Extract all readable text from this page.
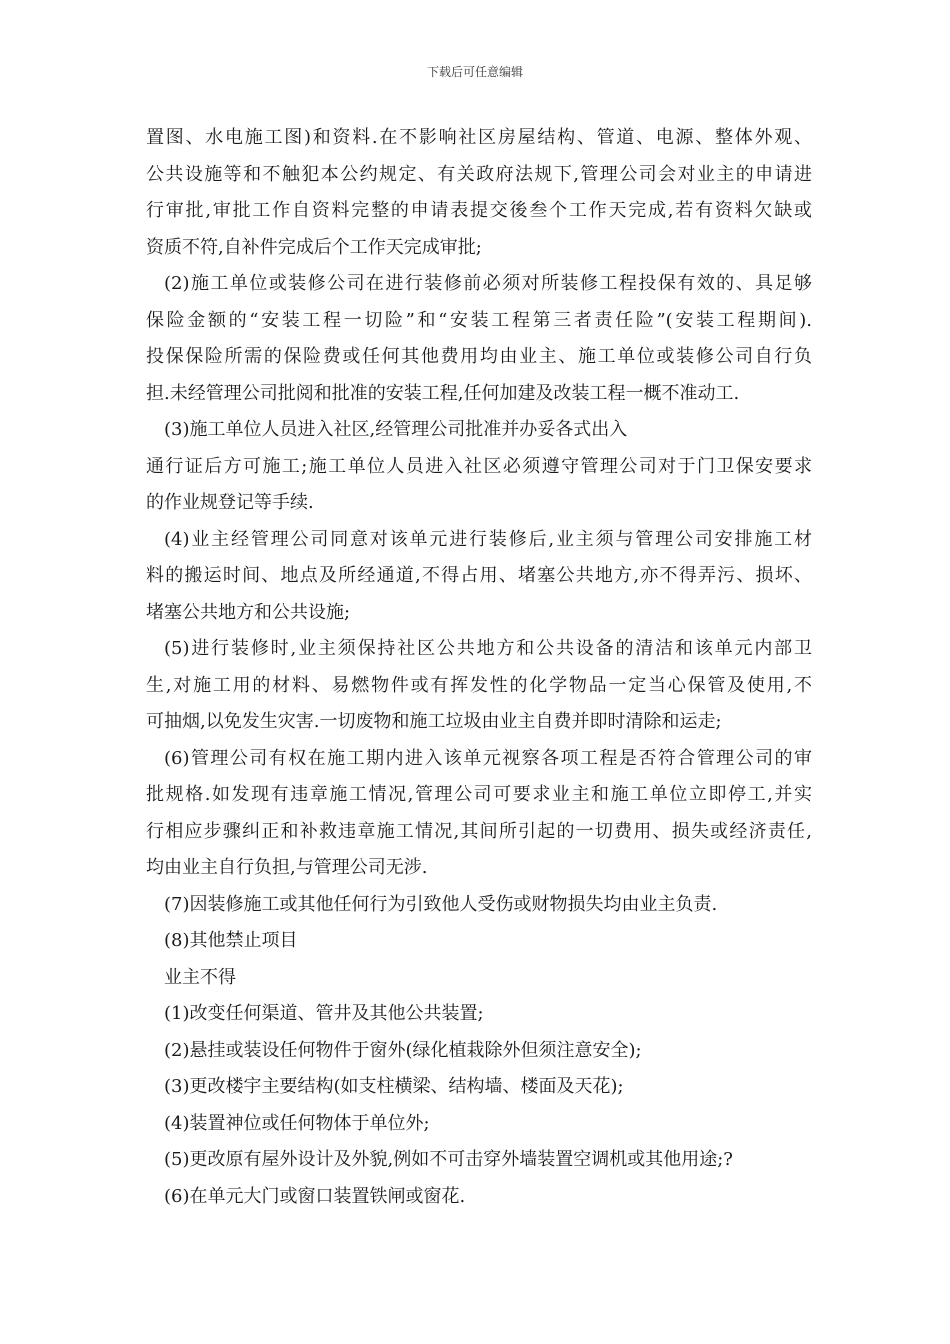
下载后可任意编辑
置图、水电施工图)和资料.在不影响社区房屋结构、管道、电源、整体外观、
公共设施等和不触犯本公约规定、有关政府法规下,管理公司会对业主的申请进
行审批,审批工作自资料完整的申请表提交後叁个工作天完成,若有资料欠缺或
资质不符,自补件完成后个工作天完成审批;
(2)施工单位或装修公司在进行装修前必须对所装修工程投保有效的、具足够
保险金额的“安装工程一切险”和“安装工程第三者责任险”(安装工程期间).
投保保险所需的保险费或任何其他费用均由业主、施工单位或装修公司自行负
担.未经管理公司批阅和批准的安装工程,任何加建及改装工程一概不准动工.
(3)施工单位人员进入社区,经管理公司批准并办妥各式出入
通行证后方可施工;施工单位人员进入社区必须遵守管理公司对于门卫保安要求
的作业规登记等手续.
(4)业主经管理公司同意对该单元进行装修后,业主须与管理公司安排施工材
料的搬运时间、地点及所经通道,不得占用、堵塞公共地方,亦不得弄污、损坏、
堵塞公共地方和公共设施;
(5)进行装修时,业主须保持社区公共地方和公共设备的清洁和该单元内部卫
生,对施工用的材料、易燃物件或有挥发性的化学物品一定当心保管及使用,不
可抽烟,以免发生灾害.一切废物和施工垃圾由业主自费并即时清除和运走;
(6)管理公司有权在施工期内进入该单元视察各项工程是否符合管理公司的审
批规格.如发现有违章施工情况,管理公司可要求业主和施工单位立即停工,并实
行相应步骤纠正和补救违章施工情况,其间所引起的一切费用、损失或经济责任,
均由业主自行负担,与管理公司无涉.
(7)因装修施工或其他任何行为引致他人受伤或财物损失均由业主负责.
(8)其他禁止项目
业主不得
(1)改变任何渠道、管井及其他公共装置;
(2)悬挂或装设任何物件于窗外(绿化植栽除外但须注意安全);
(3)更改楼宇主要结构(如支柱横梁、结构墙、楼面及天花);
(4)装置神位或任何物体于单位外;
(5)更改原有屋外设计及外貌,例如不可击穿外墙装置空调机或其他用途;?
(6)在单元大门或窗口装置铁闸或窗花.
